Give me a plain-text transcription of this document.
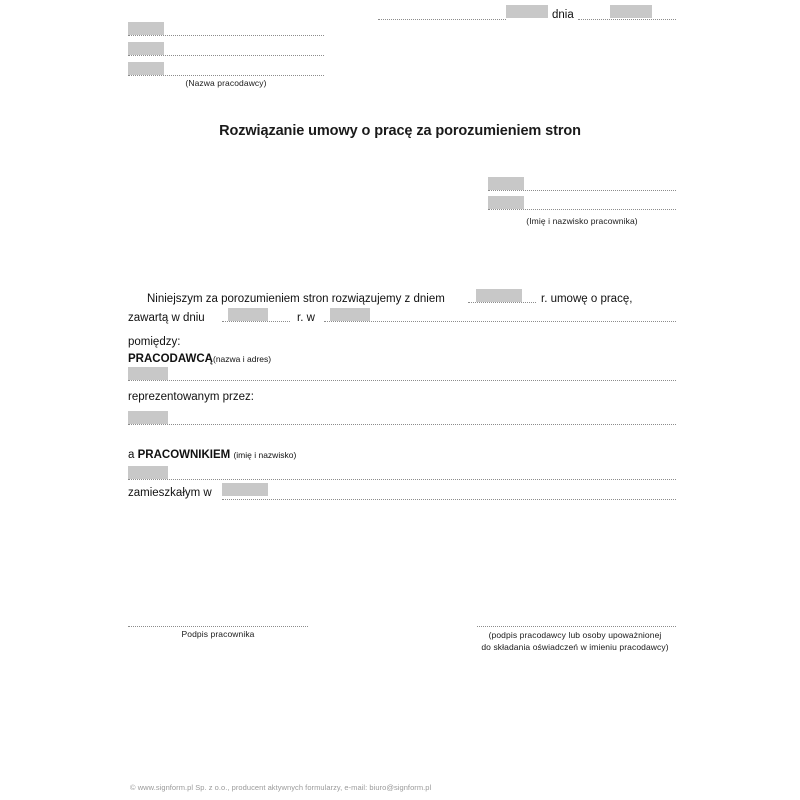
dnia
(Nazwa pracodawcy)
Rozwiązanie umowy o pracę za porozumieniem stron
(Imię i nazwisko pracownika)
Niniejszym za porozumieniem stron rozwiązujemy z dniem	r. umowę o pracę,
zawartą w dniu	r. w
pomiędzy:
PRACODAWCĄ(nazwa i adres)
reprezentowanym przez:
a PRACOWNIKIEM (imię i nazwisko)
zamieszkałym w
Podpis pracownika	(podpis pracodawcy lub osoby upoważnionej
do składania oświadczeń w imieniu pracodawcy)
© www.signform.pl Sp. z o.o., producent aktywnych formularzy, e-mail: biuro@signform.pl
